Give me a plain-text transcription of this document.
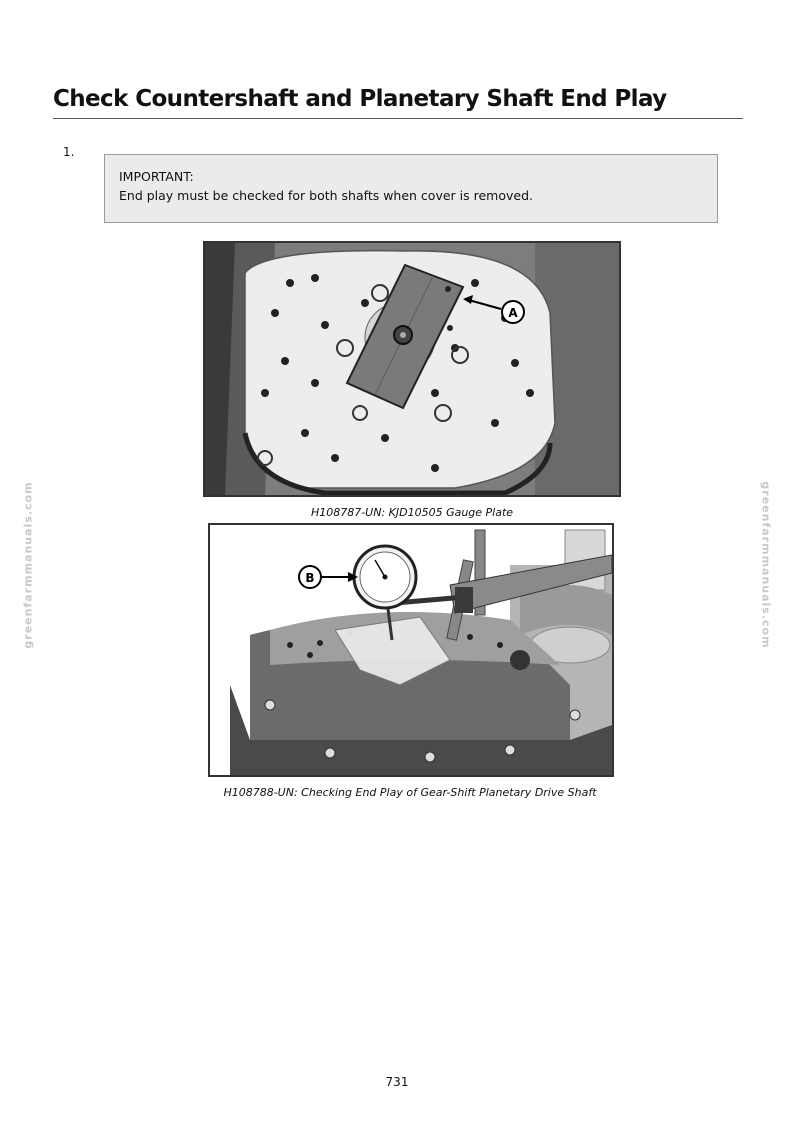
Check Countershaft and Planetary Shaft End Play
1.
IMPORTANT:
End play must be checked for both shafts when cover is removed.
A
H108787-UN: KJD10505 Gauge Plate
B
H108788-UN: Checking End Play of Gear-Shift Planetary Drive Shaft
greenfarmmanuals.com	greenfarmmanuals.com
731
